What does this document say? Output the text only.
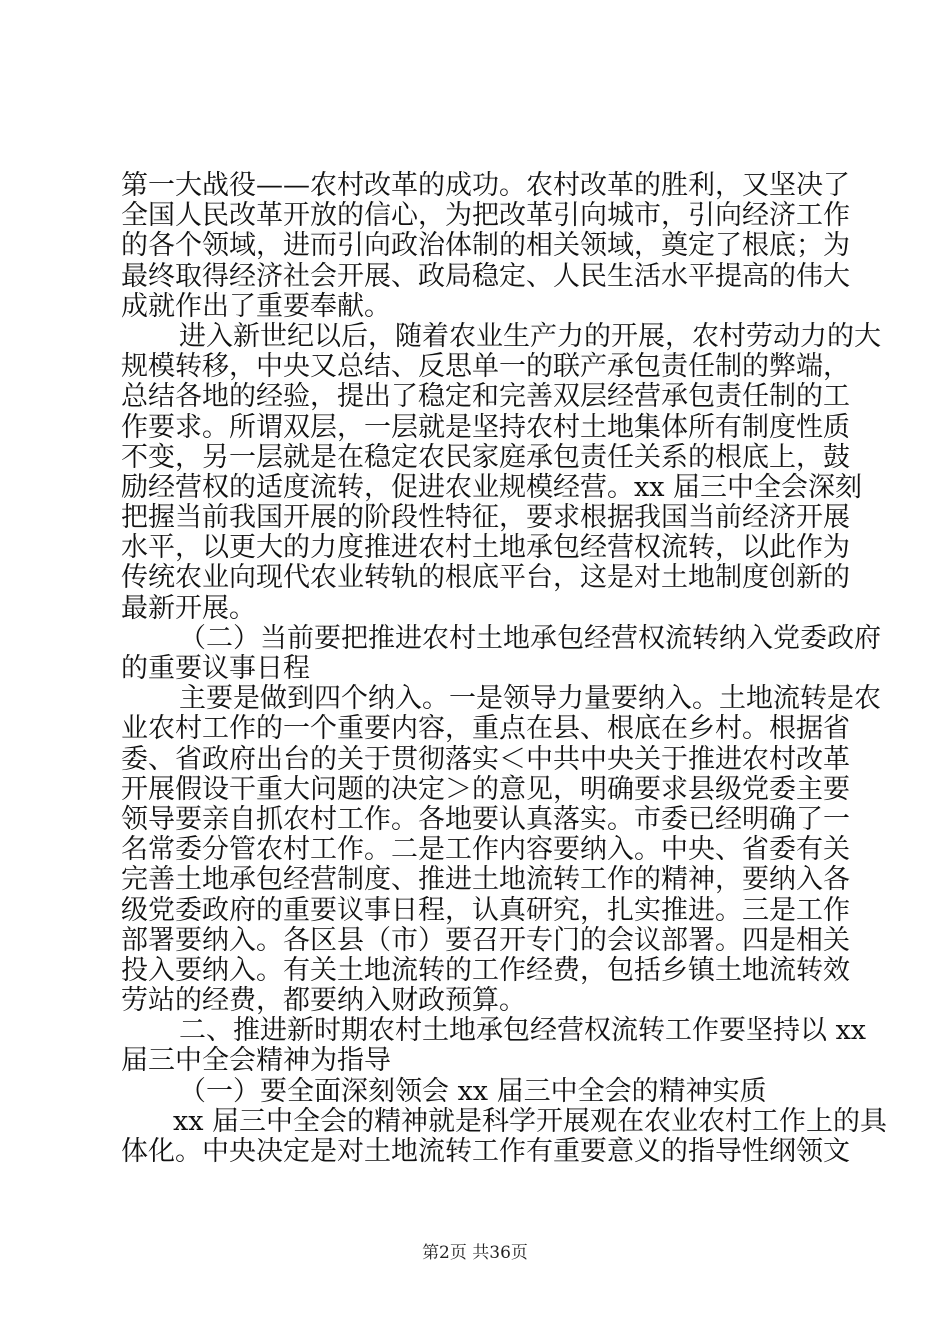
第一大战役——农村改革的成功。农村改革的胜利，又坚决了
全国人民改革开放的信心，为把改革引向城市，引向经济工作
的各个领域，进而引向政治体制的相关领域，奠定了根底；为
最终取得经济社会开展、政局稳定、人民生活水平提高的伟大
成就作出了重要奉献。
进入新世纪以后，随着农业生产力的开展，农村劳动力的大
规模转移，中央又总结、反思单一的联产承包责任制的弊端，
总结各地的经验，提出了稳定和完善双层经营承包责任制的工
作要求。所谓双层，一层就是坚持农村土地集体所有制度性质
不变，另一层就是在稳定农民家庭承包责任关系的根底上，鼓
励经营权的适度流转，促进农业规模经营。xx 届三中全会深刻
把握当前我国开展的阶段性特征，要求根据我国当前经济开展
水平，以更大的力度推进农村土地承包经营权流转，以此作为
传统农业向现代农业转轨的根底平台，这是对土地制度创新的
最新开展。
（二）当前要把推进农村土地承包经营权流转纳入党委政府
的重要议事日程
主要是做到四个纳入。一是领导力量要纳入。土地流转是农
业农村工作的一个重要内容，重点在县、根底在乡村。根据省
委、省政府出台的关于贯彻落实＜中共中央关于推进农村改革
开展假设干重大问题的决定＞的意见，明确要求县级党委主要
领导要亲自抓农村工作。各地要认真落实。市委已经明确了一
名常委分管农村工作。二是工作内容要纳入。中央、省委有关
完善土地承包经营制度、推进土地流转工作的精神，要纳入各
级党委政府的重要议事日程，认真研究，扎实推进。三是工作
部署要纳入。各区县（市）要召开专门的会议部署。四是相关
投入要纳入。有关土地流转的工作经费，包括乡镇土地流转效
劳站的经费，都要纳入财政预算。
二、推进新时期农村土地承包经营权流转工作要坚持以 xx
届三中全会精神为指导
（一）要全面深刻领会 xx 届三中全会的精神实质
xx 届三中全会的精神就是科学开展观在农业农村工作上的具
体化。中央决定是对土地流转工作有重要意义的指导性纲领文
第2页 共36页
